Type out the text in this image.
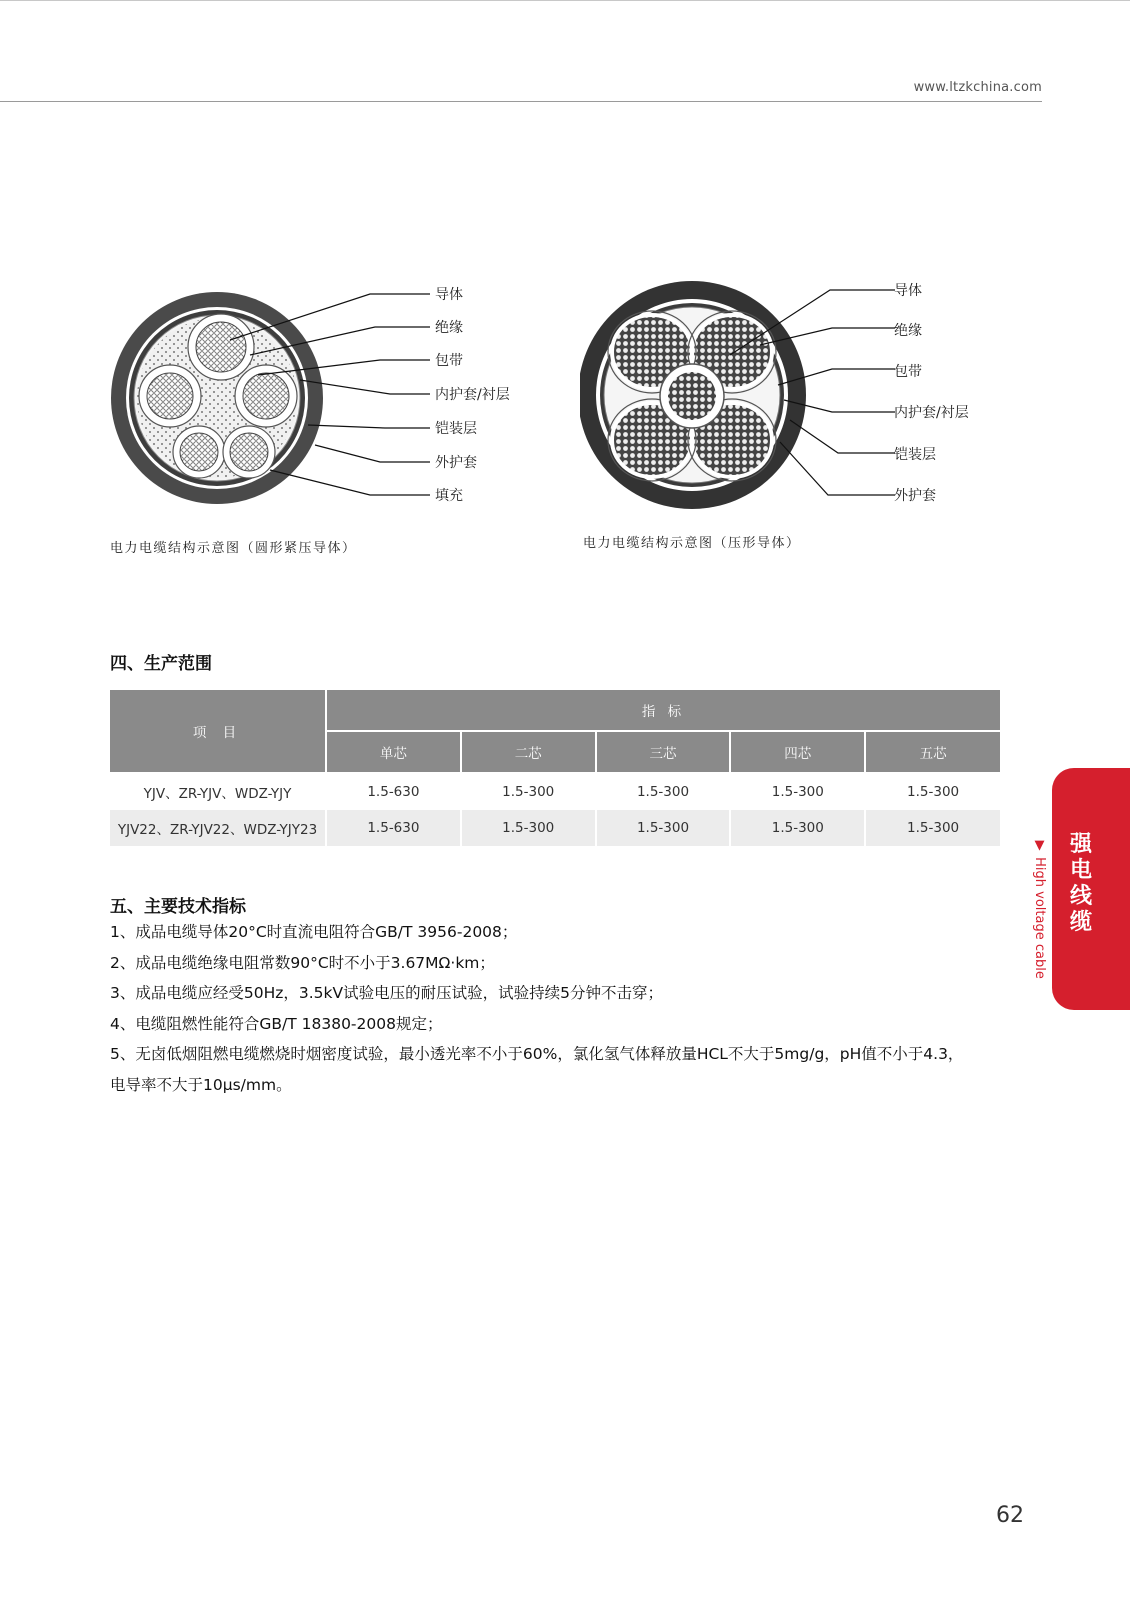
www.ltzkchina.com
导体
绝缘
包带
内护套/衬层
铠装层
外护套
填充
电力电缆结构示意图（圆形紧压导体）
导体
绝缘
包带
内护套/衬层
铠装层
外护套
电力电缆结构示意图（压形导体）
四、生产范围
项 目	指 标				
	单芯	二芯	三芯	四芯	五芯
YJV、ZR-YJV、WDZ-YJY	1.5-630	1.5-300	1.5-300	1.5-300	1.5-300
YJV22、ZR-YJV22、WDZ-YJY23	1.5-630	1.5-300	1.5-300	1.5-300	1.5-300
五、主要技术指标
1、成品电缆导体20°C时直流电阻符合GB/T 3956-2008；
2、成品电缆绝缘电阻常数90°C时不小于3.67MΩ·km；
3、成品电缆应经受50Hz，3.5kV试验电压的耐压试验，试验持续5分钟不击穿；
4、电缆阻燃性能符合GB/T 18380-2008规定；
5、无卤低烟阻燃电缆燃烧时烟密度试验，最小透光率不小于60%，氯化氢气体释放量HCL不大于5mg/g，pH值不小于4.3，
电导率不大于10μs/mm。
强电线缆
▼ High voltage cable
62
